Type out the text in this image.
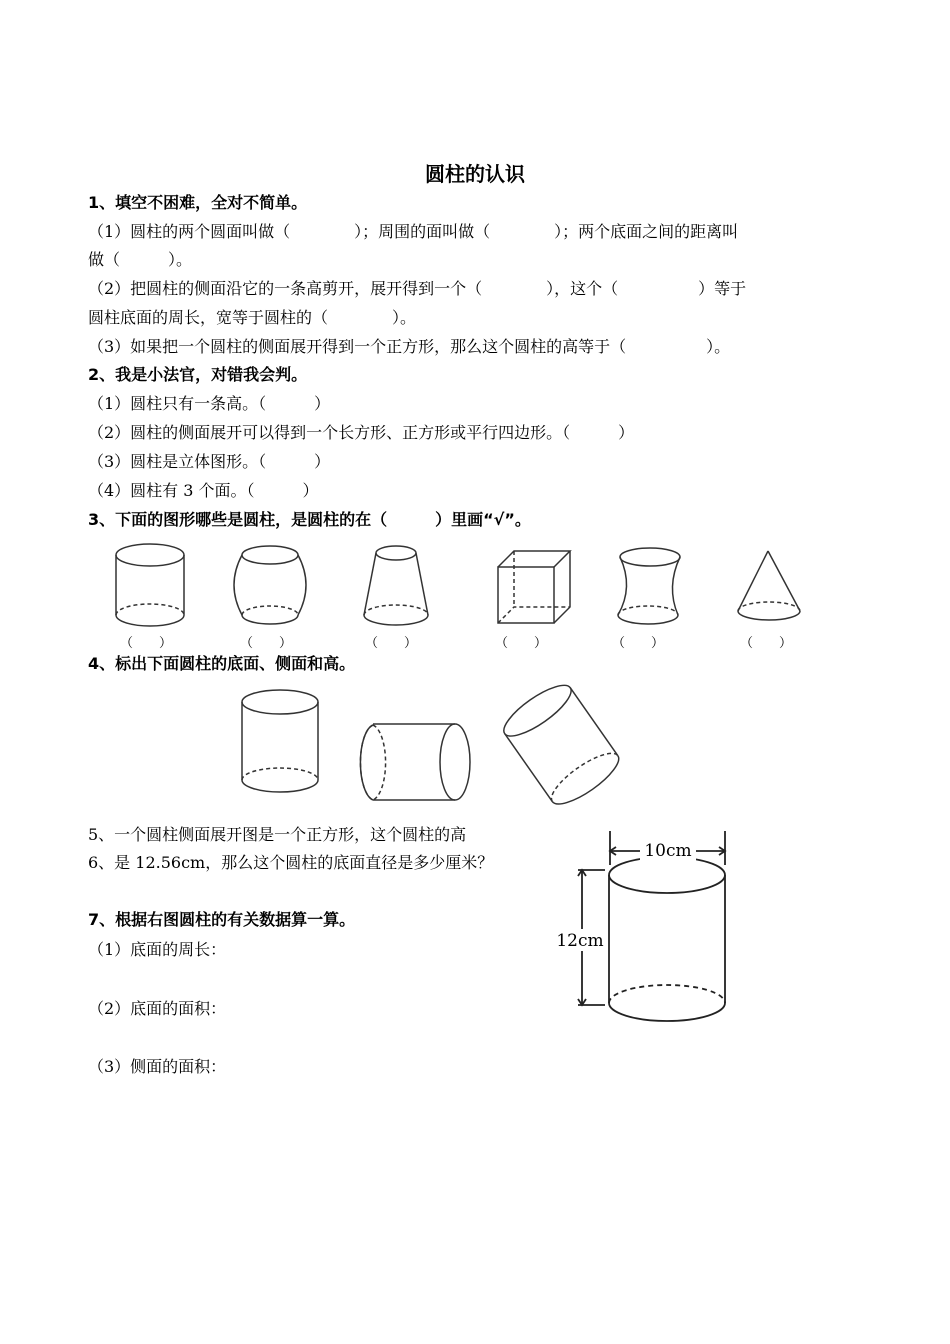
圆柱的认识
1、填空不困难，全对不简单。
（1）圆柱的两个圆面叫做（　　　　）；周围的面叫做（　　　　）；两个底面之间的距离叫
做（　　　）。
（2）把圆柱的侧面沿它的一条高剪开，展开得到一个（　　　　），这个（　　　　　）等于
圆柱底面的周长，宽等于圆柱的（　　　　）。
（3）如果把一个圆柱的侧面展开得到一个正方形，那么这个圆柱的高等于（　　　　　）。
2、我是小法官，对错我会判。
（1）圆柱只有一条高。（　　　）
（2）圆柱的侧面展开可以得到一个长方形、正方形或平行四边形。（　　　）
（3）圆柱是立体图形。（　　　）
（4）圆柱有 3 个面。（　　　）
3、下面的图形哪些是圆柱，是圆柱的在（　　　）里画“√”。
（　　）	（　　）	（　　）	（　　）	（　　）	（　　）
4、标出下面圆柱的底面、侧面和高。
5、一个圆柱侧面展开图是一个正方形，这个圆柱的高
6、是 12.56cm，那么这个圆柱的底面直径是多少厘米？
7、根据右图圆柱的有关数据算一算。
（1）底面的周长：
（2）底面的面积：
（3）侧面的面积：
10cm
12cm
